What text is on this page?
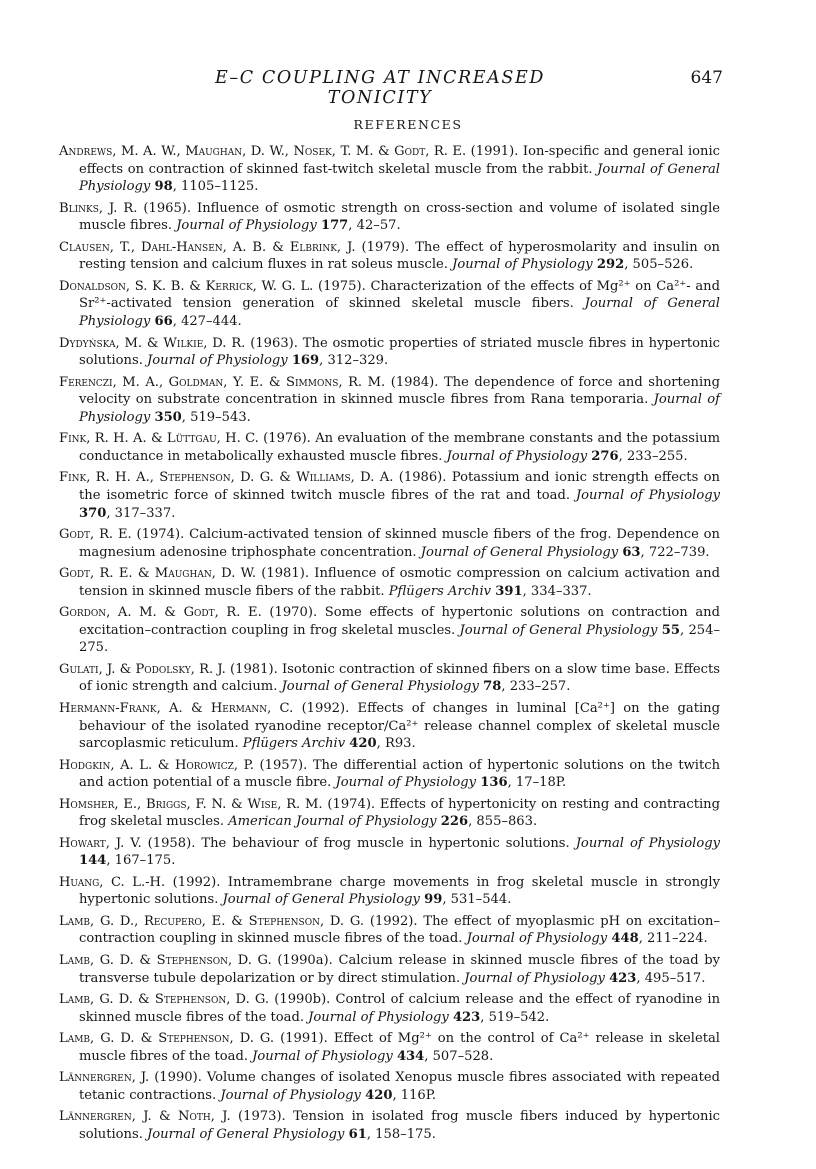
E–C COUPLING AT INCREASED TONICITY
647
REFERENCES
Andrews, M. A. W., Maughan, D. W., Nosek, T. M. & Godt, R. E. (1991). Ion-specific and general ionic effects on contraction of skinned fast-twitch skeletal muscle from the rabbit. Journal of General Physiology 98, 1105–1125.
Blinks, J. R. (1965). Influence of osmotic strength on cross-section and volume of isolated single muscle fibres. Journal of Physiology 177, 42–57.
Clausen, T., Dahl-Hansen, A. B. & Elbrink, J. (1979). The effect of hyperosmolarity and insulin on resting tension and calcium fluxes in rat soleus muscle. Journal of Physiology 292, 505–526.
Donaldson, S. K. B. & Kerrick, W. G. L. (1975). Characterization of the effects of Mg²⁺ on Ca²⁺- and Sr²⁺-activated tension generation of skinned skeletal muscle fibers. Journal of General Physiology 66, 427–444.
Dydyńska, M. & Wilkie, D. R. (1963). The osmotic properties of striated muscle fibres in hypertonic solutions. Journal of Physiology 169, 312–329.
Ferenczi, M. A., Goldman, Y. E. & Simmons, R. M. (1984). The dependence of force and shortening velocity on substrate concentration in skinned muscle fibres from Rana temporaria. Journal of Physiology 350, 519–543.
Fink, R. H. A. & Lüttgau, H. C. (1976). An evaluation of the membrane constants and the potassium conductance in metabolically exhausted muscle fibres. Journal of Physiology 276, 233–255.
Fink, R. H. A., Stephenson, D. G. & Williams, D. A. (1986). Potassium and ionic strength effects on the isometric force of skinned twitch muscle fibres of the rat and toad. Journal of Physiology 370, 317–337.
Godt, R. E. (1974). Calcium-activated tension of skinned muscle fibers of the frog. Dependence on magnesium adenosine triphosphate concentration. Journal of General Physiology 63, 722–739.
Godt, R. E. & Maughan, D. W. (1981). Influence of osmotic compression on calcium activation and tension in skinned muscle fibers of the rabbit. Pflügers Archiv 391, 334–337.
Gordon, A. M. & Godt, R. E. (1970). Some effects of hypertonic solutions on contraction and excitation–contraction coupling in frog skeletal muscles. Journal of General Physiology 55, 254–275.
Gulati, J. & Podolsky, R. J. (1981). Isotonic contraction of skinned fibers on a slow time base. Effects of ionic strength and calcium. Journal of General Physiology 78, 233–257.
Hermann-Frank, A. & Hermann, C. (1992). Effects of changes in luminal [Ca²⁺] on the gating behaviour of the isolated ryanodine receptor/Ca²⁺ release channel complex of skeletal muscle sarcoplasmic reticulum. Pflügers Archiv 420, R93.
Hodgkin, A. L. & Horowicz, P. (1957). The differential action of hypertonic solutions on the twitch and action potential of a muscle fibre. Journal of Physiology 136, 17–18P.
Homsher, E., Briggs, F. N. & Wise, R. M. (1974). Effects of hypertonicity on resting and contracting frog skeletal muscles. American Journal of Physiology 226, 855–863.
Howart, J. V. (1958). The behaviour of frog muscle in hypertonic solutions. Journal of Physiology 144, 167–175.
Huang, C. L.-H. (1992). Intramembrane charge movements in frog skeletal muscle in strongly hypertonic solutions. Journal of General Physiology 99, 531–544.
Lamb, G. D., Recupero, E. & Stephenson, D. G. (1992). The effect of myoplasmic pH on excitation–contraction coupling in skinned muscle fibres of the toad. Journal of Physiology 448, 211–224.
Lamb, G. D. & Stephenson, D. G. (1990a). Calcium release in skinned muscle fibres of the toad by transverse tubule depolarization or by direct stimulation. Journal of Physiology 423, 495–517.
Lamb, G. D. & Stephenson, D. G. (1990b). Control of calcium release and the effect of ryanodine in skinned muscle fibres of the toad. Journal of Physiology 423, 519–542.
Lamb, G. D. & Stephenson, D. G. (1991). Effect of Mg²⁺ on the control of Ca²⁺ release in skeletal muscle fibres of the toad. Journal of Physiology 434, 507–528.
Lännergren, J. (1990). Volume changes of isolated Xenopus muscle fibres associated with repeated tetanic contractions. Journal of Physiology 420, 116P.
Lännergren, J. & Noth, J. (1973). Tension in isolated frog muscle fibers induced by hypertonic solutions. Journal of General Physiology 61, 158–175.
